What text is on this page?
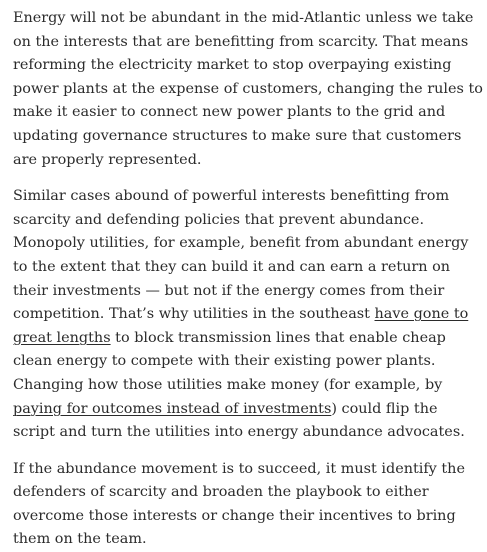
Energy will not be abundant in the mid-Atlantic unless we take on the interests that are benefitting from scarcity. That means reforming the electricity market to stop overpaying existing power plants at the expense of customers, changing the rules to make it easier to connect new power plants to the grid and updating governance structures to make sure that customers are properly represented.

Similar cases abound of powerful interests benefitting from scarcity and defending policies that prevent abundance. Monopoly utilities, for example, benefit from abundant energy to the extent that they can build it and can earn a return on their investments — but not if the energy comes from their competition. That’s why utilities in the southeast have gone to great lengths to block transmission lines that enable cheap clean energy to compete with their existing power plants. Changing how those utilities make money (for example, by paying for outcomes instead of investments) could flip the script and turn the utilities into energy abundance advocates.

If the abundance movement is to succeed, it must identify the defenders of scarcity and broaden the playbook to either overcome those interests or change their incentives to bring them on the team.
